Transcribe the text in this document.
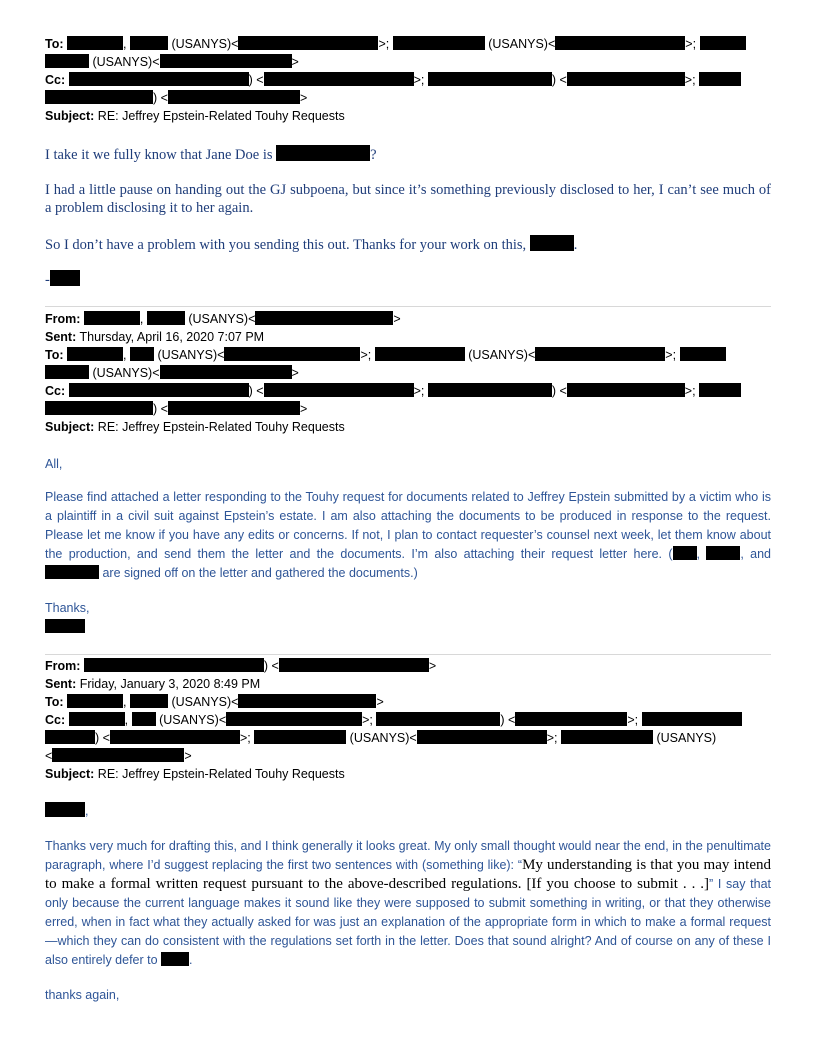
To:	,	(USANYS)<	>;	(USANYS)<	>;
(USANYS)<	>
Cc:	) <	>;	) <	>;
) <	>
Subject: RE: Jeffrey Epstein-Related Touhy Requests
I take it we fully know that Jane Doe is	?
I had a little pause on handing out the GJ subpoena, but since it’s something previously disclosed to her, I can’t see much of a problem disclosing it to her again.
So I don’t have a problem with you sending this out. Thanks for your work on this,	.
-
From:	,	(USANYS)<	>
Sent: Thursday, April 16, 2020 7:07 PM
To:	,  (USANYS)<	>;	(USANYS)<	>;
(USANYS)<	>
Cc:	) <	>;	) <	>;
) <	>
Subject: RE: Jeffrey Epstein-Related Touhy Requests
All,
Please find attached a letter responding to the Touhy request for documents related to Jeffrey Epstein submitted by a victim who is a plaintiff in a civil suit against Epstein’s estate. I am also attaching the documents to be produced in response to the request. Please let me know if you have any edits or concerns. If not, I plan to contact requester’s counsel next week, let them know about the production, and send them the letter and the documents. I’m also attaching their request letter here. ( ,	, and  are signed off on the letter and gathered the documents.)
Thanks,
From:	) <	>
Sent: Friday, January 3, 2020 8:49 PM
To:	,	(USANYS)<	>
Cc:	,  (USANYS)<	>;	) <	>;
) <	>;	(USANYS)<	>;	(USANYS)
<	>
Subject: RE: Jeffrey Epstein-Related Touhy Requests
,
Thanks very much for drafting this, and I think generally it looks great. My only small thought would near the end, in the penultimate paragraph, where I’d suggest replacing the first two sentences with (something like): “My understanding is that you may intend to make a formal written request pursuant to the above-described regulations. [If you choose to submit . . .]” I say that only because the current language makes it sound like they were supposed to submit something in writing, or that they otherwise erred, when in fact what they actually asked for was just an explanation of the appropriate form in which to make a formal request—which they can do consistent with the regulations set forth in the letter. Does that sound alright? And of course on any of these I also entirely defer to	.
thanks again,
